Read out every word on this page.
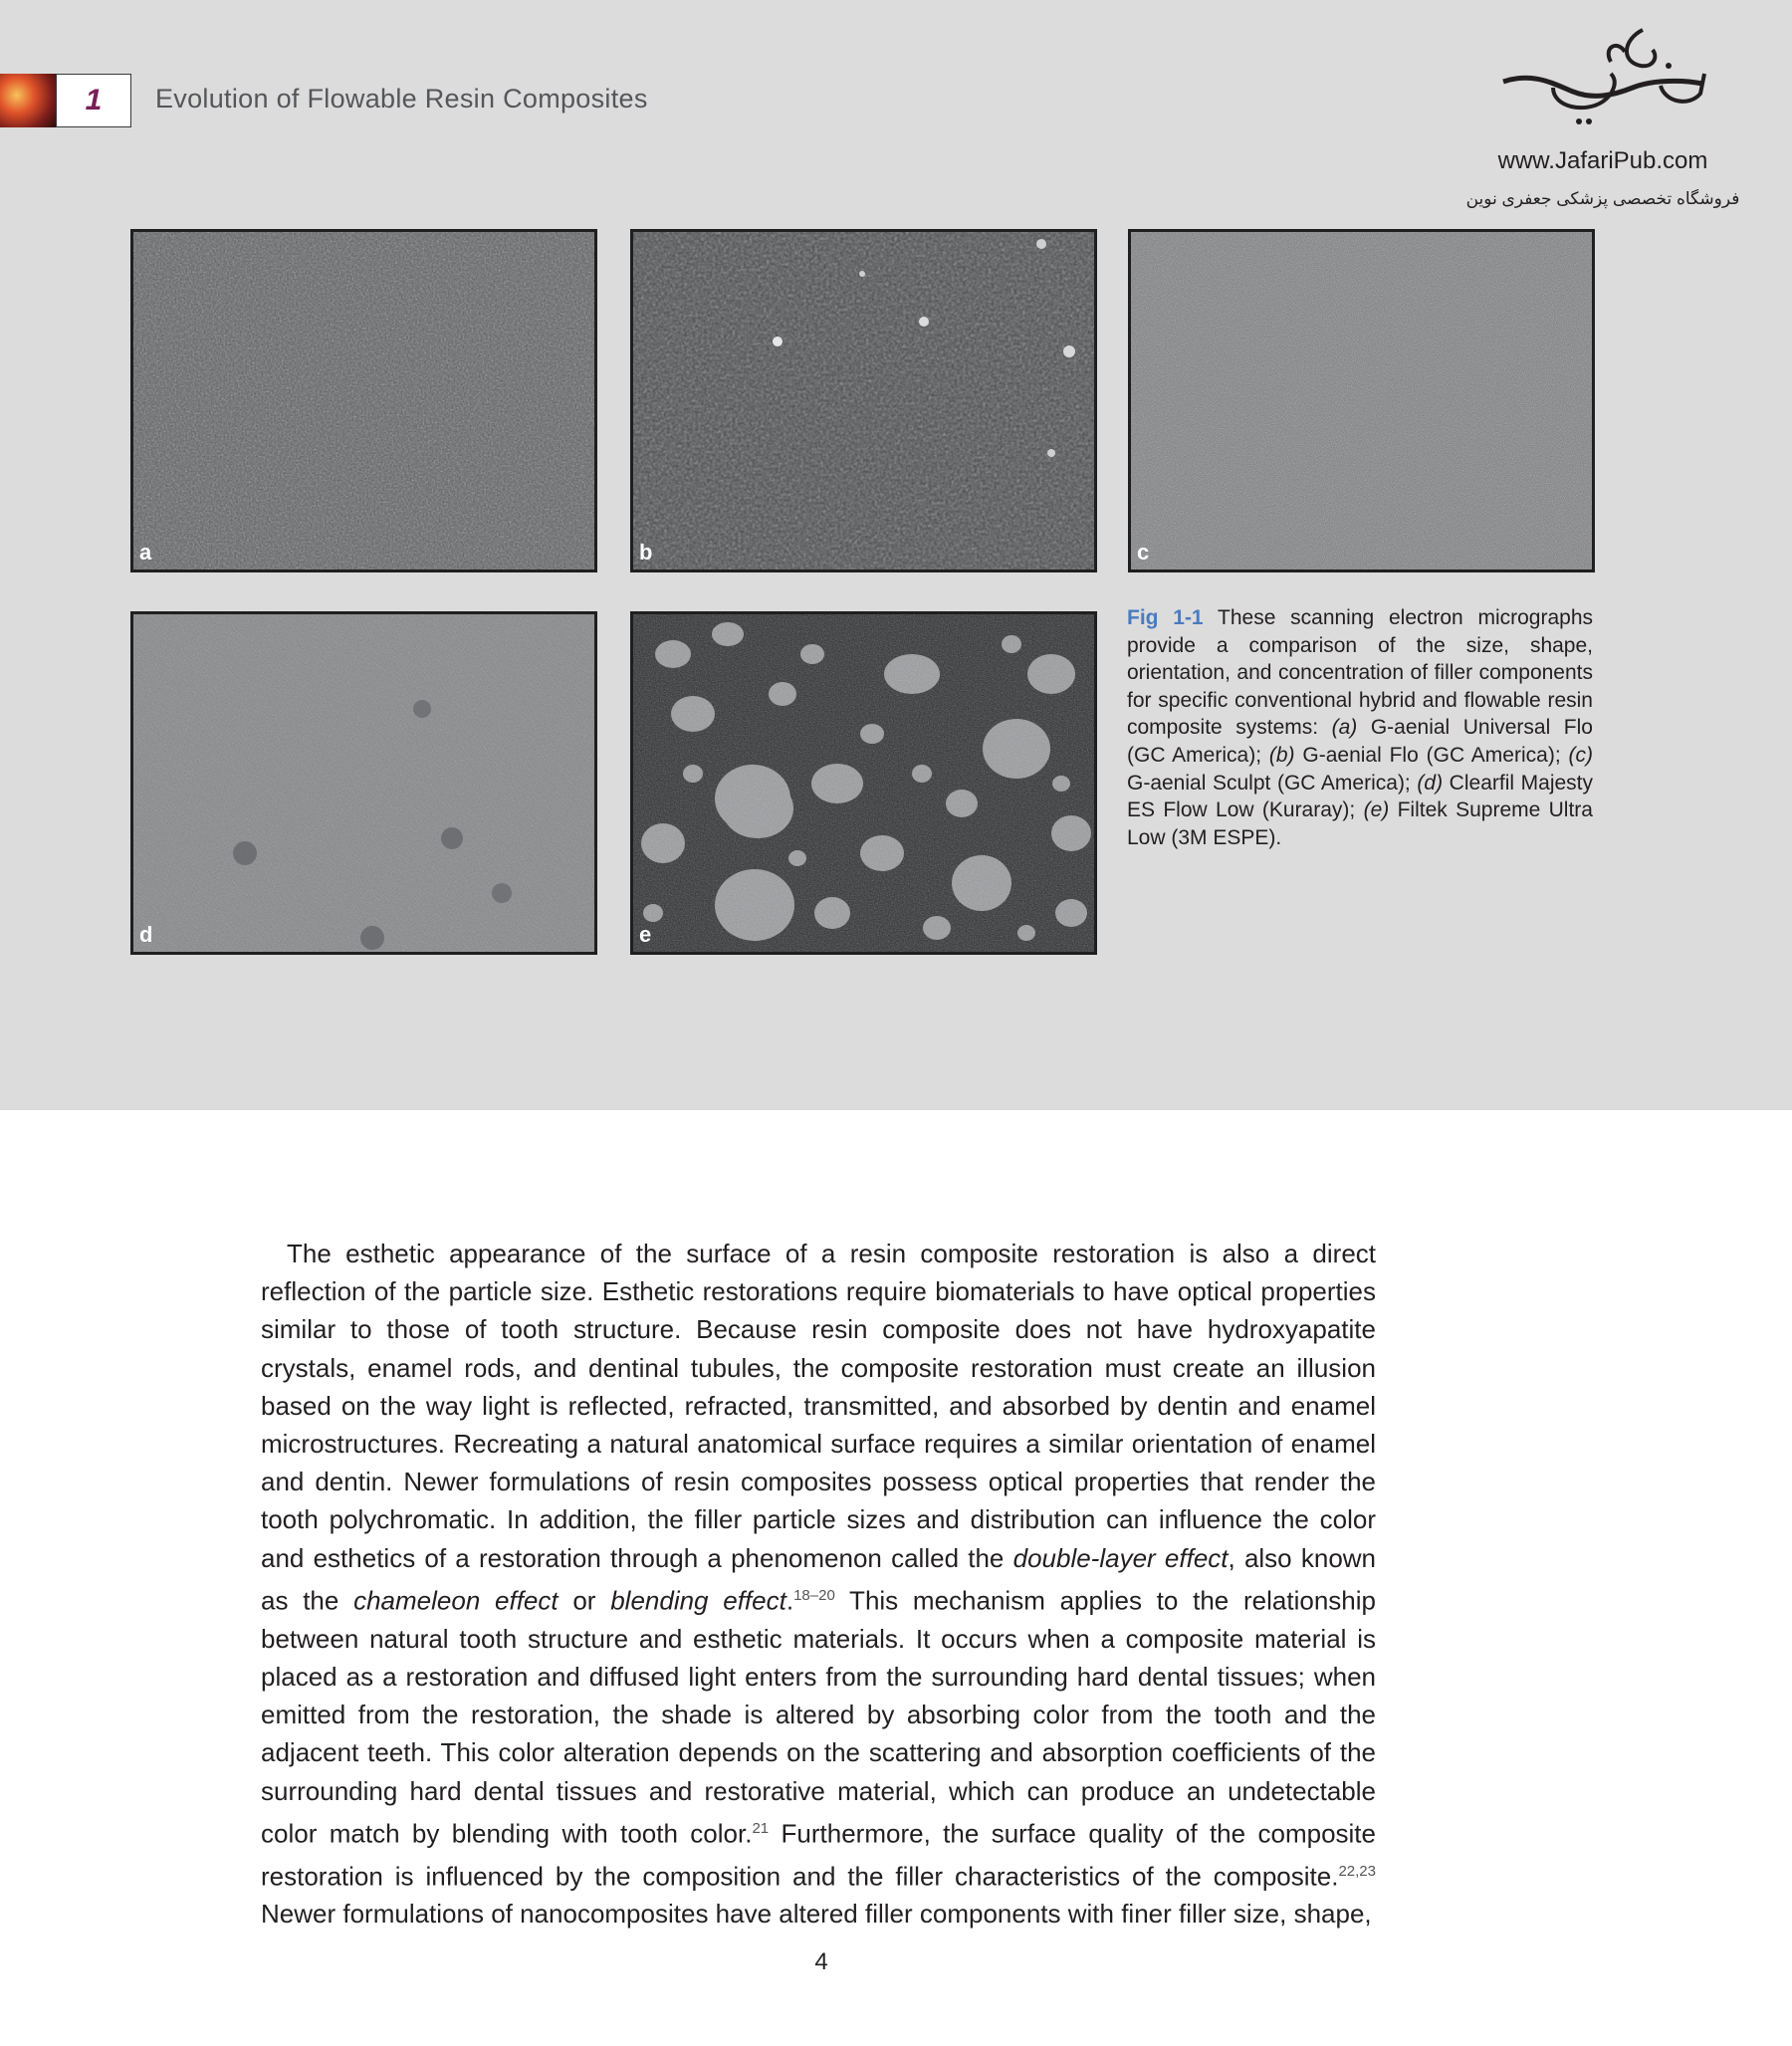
1 Evolution of Flowable Resin Composites
www.JafariPub.com
فروشگاه تخصصی پزشکی جعفری نوین
a	b	c
d	e
Fig 1-1 These scanning electron micrographs provide a comparison of the size, shape, orientation, and concentration of filler components for specific conventional hybrid and flowable resin composite systems: (a) G-aenial Universal Flo (GC America); (b) G-aenial Flo (GC America); (c) G-aenial Sculpt (GC America); (d) Clearfil Majesty ES Flow Low (Kuraray); (e) Filtek Supreme Ultra Low (3M ESPE).
The esthetic appearance of the surface of a resin composite restoration is also a direct reflection of the particle size. Esthetic restorations require biomaterials to have optical properties similar to those of tooth structure. Because resin composite does not have hydroxyapatite crystals, enamel rods, and dentinal tubules, the composite restoration must create an illusion based on the way light is reflected, refracted, transmitted, and absorbed by dentin and enamel microstructures. Recreating a natural anatomical surface requires a similar orientation of enamel and dentin. Newer formulations of resin composites possess optical properties that render the tooth polychromatic. In addition, the filler particle sizes and distribution can influence the color and esthetics of a restoration through a phenomenon called the double-layer effect, also known as the chameleon effect or blending effect.$^{18-20}$ This mechanism applies to the relationship between natural tooth structure and esthetic materials. It occurs when a composite material is placed as a restoration and diffused light enters from the surrounding hard dental tissues; when emitted from the restoration, the shade is altered by absorbing color from the tooth and the adjacent teeth. This color alteration depends on the scattering and absorption coefficients of the surrounding hard dental tissues and restorative material, which can produce an undetectable color match by blending with tooth color.$^{21}$ Furthermore, the surface quality of the composite restoration is influenced by the composition and the filler characteristics of the composite.$^{22,23}$ Newer formulations of nanocomposites have altered filler components with finer filler size, shape,
4
